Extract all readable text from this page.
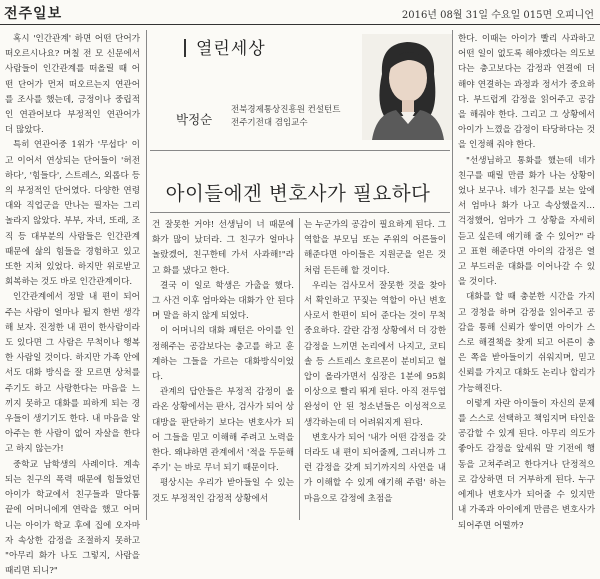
전주일보	2016년 08월 31일 수요일 015면 오피니언

혹시 '인간관계' 하면 어떤 단어가 떠오르시나요? 며칠 전 모 신문에서 사람들이 인간관계를 떠올릴 때 어떤 단어가 먼저 떠오르는지 연관어를 조사를 했는데, 긍정이나 중립적인 연관어보다 부정적인 연관어가 더 많았다.

특히 연관어중 1위가 '무섭다' 이고 이어서 연상되는 단어들이 '허전하다', '힘들다', 스트레스, 외롭다 등의 부정적인 단어였다. 다양한 연령대와 직업군을 만나는 필자는 그리 놀라지 않았다. 부부, 자녀, 또래, 조직 등 대부분의 사람들은 인간관계 때문에 삶의 힘들을 경험하고 있고 또한 지쳐 있었다. 하지만 위로받고 회복하는 것도 바로 인간관계이다.

인간관계에서 정말 내 편이 되어주는 사람이 얼마나 될지 한번 생각해 보자. 진정한 내 편이 한사람이라도 있다면 그 사람은 무척이나 행복한 사람일 것이다. 하지만 가족 안에서도 대화 방식을 잘 모르면 상처를 주기도 하고 사랑한다는 마음을 느끼지 못하고 대화를 피하게 되는 경우들이 생기기도 한다. 내 마음을 알아주는 한 사람이 없어 자살을 한다고 하지 않는가!

중학교 남학생의 사례이다. 계속되는 친구의 폭력 때문에 힘들었던 아이가 학교에서 친구들과 말다툼 끝에 어머니에게 연락을 했고 어머니는 아이가 학교 후에 집에 오자마자 속상한 감정을 조절하지 못하고 "아무리 화가 나도 그렇지, 사람을 때리면 되니?"

열린세상
박정순
전북경제통상진흥원 컨설턴트
전주기전대 겸임교수
아이들에겐 변호사가 필요하다

건 잘못한 거야! 선생님이 너 때문에 화가 많이 났더라. 그 친구가 얼마나 놀랐겠어, 친구한테 가서 사과해!"라고 화를 냈다고 한다.

결국 이 일로 학생은 가출을 했다. 그 사건 이후 엄마와는 대화가 안 된다며 말을 하지 않게 되었다.

이 어머니의 대화 패턴은 아이를 인정해주는 공감보다는 충고를 하고 훈계하는 그들을 가르는 대화방식이었다.

관계의 답안들은 부정적 감정이 올라온 상황에서는 판사, 검사가 되어 상대방을 판단하기 보다는 변호사가 되어 그들을 믿고 이해해 주려고 노력을 한다. 왜냐하면 관계에서 '적을 두둔해 주기' 는 바로 무너 되기 때문이다.

평상시는 우리가 받아들일 수 있는 것도 부정적인 감정적 상황에서

는 누군가의 공감이 필요하게 된다. 그 역할을 부모님 또는 주위의 어른들이 해준다면 아이들은 지원군을 얻은 것처럼 든든해 할 것이다.

우리는 검사모서 잘못한 것을 찾아서 확인하고 꾸짖는 역할이 아닌 변호사로서 한편이 되어 준다는 것이 무척 중요하다. 갈란 감정 상황에서 더 강한 감정을 느끼면 논리에서 나지고, 코티솔 등 스트레스 호르몬이 분비되고 혈압이 올라가면서 심장은 1분에 95회 이상으로 빨리 뛰게 된다. 아직 전두엽 완성이 안 된 청소년들은 이성적으로 생각하는데 더 어려워지게 된다.

변호사가 되어 '내가 어떤 감정을 갖더라도 내 편이 되어줄께, 그러니까 그런 감정을 갖게 되기까지의 사연을 내가 이해할 수 있게 얘기해 주렴' 하는 마음으로 감정에 초점을

한다. 이때는 아이가 빨리 사과하고 어떤 일이 없도록 해야겠다는 의도보다는 충고보다는 감정과 연결에 더 해야 연결하는 과정과 정서가 중요하다. 부드럽게 감정을 읽어주고 공감을 해줘야 한다. 그리고 그 상황에서 아이가 느꼈을 감정이 타당하다는 것을 인정해 줘야 한다.

"선생님하고 통화를 했는데 네가 친구를 때릴 만큼 화가 나는 상황이었나 보구나. 네가 친구를 보는 앞에서 엄마나 화가 나고 속상했을지… 걱정했어, 엄마가 그 상황을 자세히 듣고 싶은데 얘기해 줄 수 있어?" 라고 표현 해준다면 아이의 감정은 열고 부드러운 대화를 이어나갈 수 있을 것이다.

대화를 할 때 충분한 시간을 가지고 경청을 하며 감정을 읽어주고 공감을 통해 신뢰가 쌓이면 아이가 스스로 해결책을 찾게 되고 어른이 충은 쪽을 받아들이기 쉬워지며, 믿고 신뢰를 가지고 대화도 논리나 합리가 가능해진다.

이렇게 자란 아이들이 자신의 문제를 스스로 선택하고 책임지며 타인을 공감할 수 있게 된다. 아무리 의도가 좋아도 감정을 앞세워 말 기전에 행동을 고쳐주려고 한다거나 단정적으로 감상하면 더 거부하게 된다. 누구에게나 변호사가 되어줄 수 있지만 내 가족과 아이에게 만큼은 변호사가 되어주면 어떨까?
